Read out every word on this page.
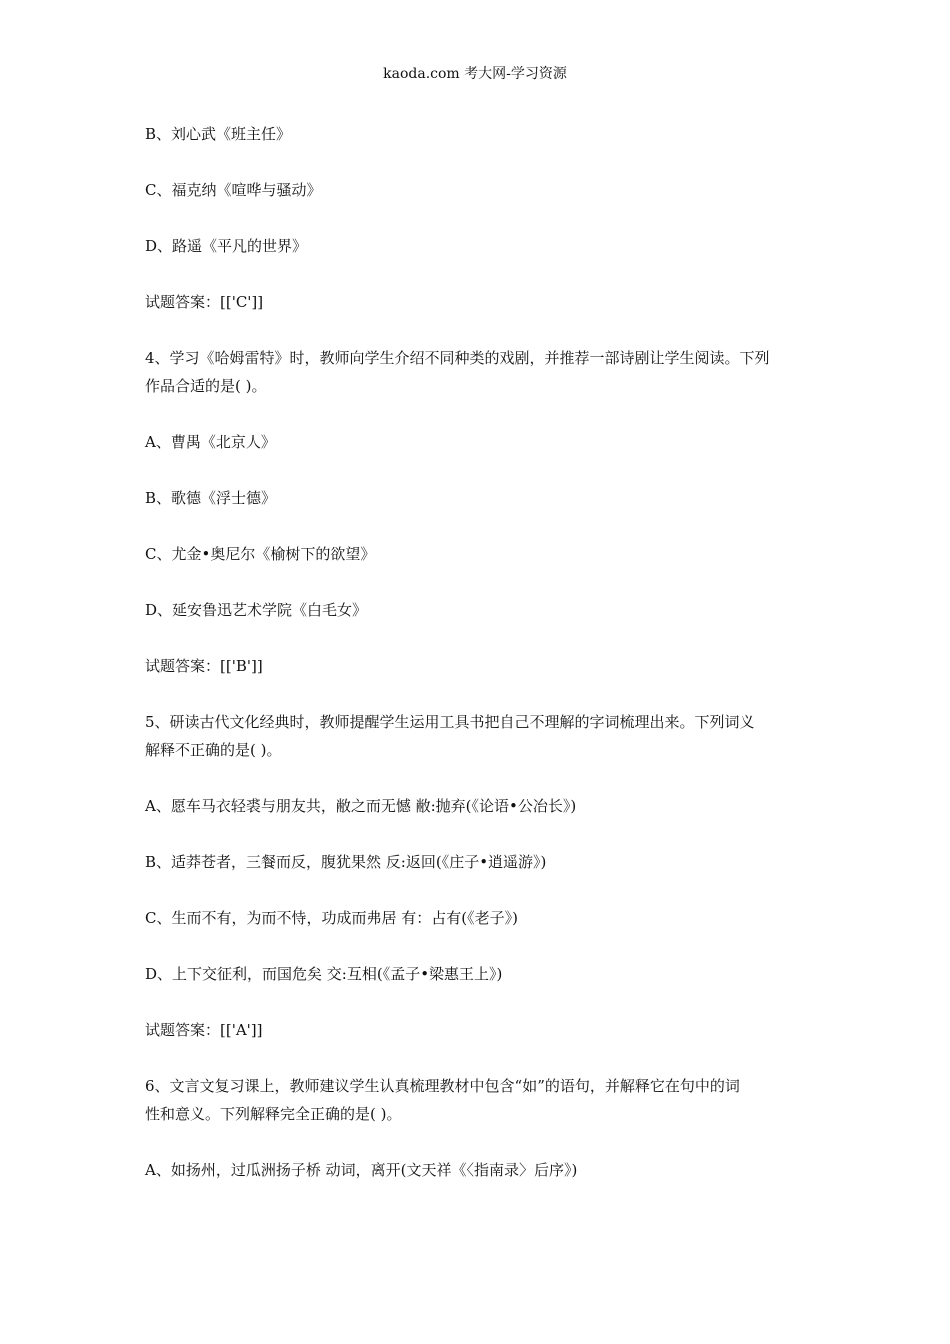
kaoda.com 考大网-学习资源
B、刘心武《班主任》
C、福克纳《喧哗与骚动》
D、路遥《平凡的世界》
试题答案：[['C']]
4、学习《哈姆雷特》时，教师向学生介绍不同种类的戏剧，并推荐一部诗剧让学生阅读。下列
作品合适的是( )。
A、曹禺《北京人》
B、歌德《浮士德》
C、尤金•奥尼尔《榆树下的欲望》
D、延安鲁迅艺术学院《白毛女》
试题答案：[['B']]
5、研读古代文化经典时，教师提醒学生运用工具书把自己不理解的字词梳理出来。下列词义
解释不正确的是( )。
A、愿车马衣轻裘与朋友共，敝之而无憾 敝:抛弃(《论语•公冶长》)
B、适莽苍者，三餐而反，腹犹果然 反:返回(《庄子•逍遥游》)
C、生而不有，为而不恃，功成而弗居 有：占有(《老子》)
D、上下交征利，而国危矣 交:互相(《孟子•梁惠王上》)
试题答案：[['A']]
6、文言文复习课上，教师建议学生认真梳理教材中包含“如”的语句，并解释它在句中的词
性和意义。下列解释完全正确的是( )。
A、如扬州，过瓜洲扬子桥 动词，离开(文天祥《〈指南录〉后序》)
